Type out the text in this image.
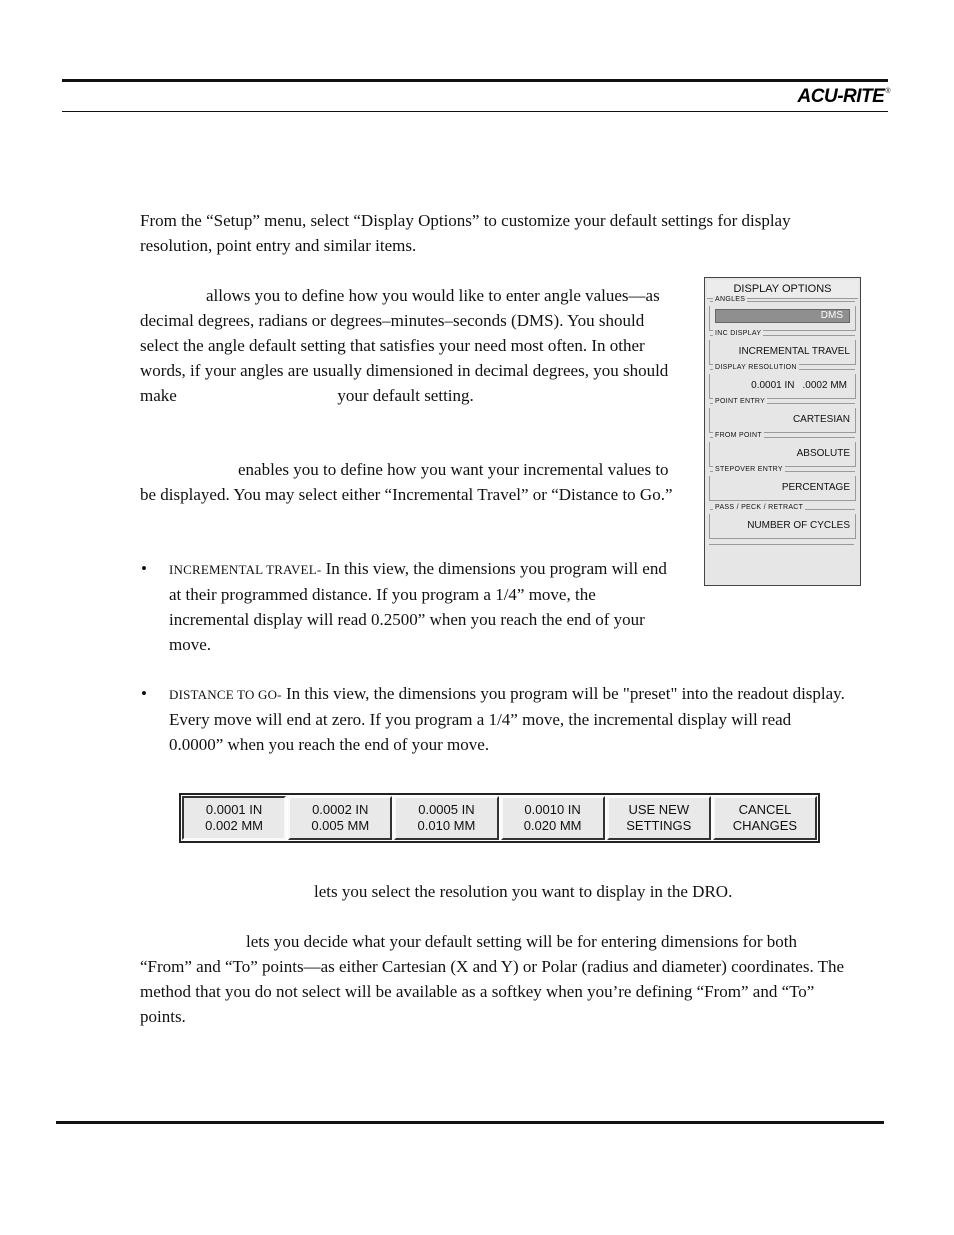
ACU-RITE®
From the “Setup” menu, select “Display Options” to customize your default settings for display resolution, point entry and similar items.
allows you to define how you would like to enter angle values—as decimal degrees, radians or degrees–minutes–seconds (DMS). You should select the angle default setting that satisfies your need most often. In other words, if your angles are usually dimensioned in decimal degrees, you should make	your default setting.
enables you to define how you want your incremental values to be displayed. You may select either “Incremental Travel” or “Distance to Go.”
• INCREMENTAL TRAVEL- In this view, the dimensions you program will end at their programmed distance. If you program a 1/4” move, the incremental display will read 0.2500” when you reach the end of your move.
• DISTANCE TO GO- In this view, the dimensions you program will be "preset" into the readout display. Every move will end at zero. If you program a 1/4” move, the incremental display will read 0.0000” when you reach the end of your move.
DISPLAY OPTIONS
ANGLES
DMS
INC DISPLAY
INCREMENTAL TRAVEL
DISPLAY RESOLUTION
0.0001 IN .0002 MM
POINT ENTRY
CARTESIAN
FROM POINT
ABSOLUTE
STEPOVER ENTRY
PERCENTAGE
PASS / PECK / RETRACT
NUMBER OF CYCLES
0.0001 IN
0.002 MM
0.0002 IN
0.005 MM
0.0005 IN
0.010 MM
0.0010 IN
0.020 MM
USE NEW
SETTINGS
CANCEL
CHANGES
lets you select the resolution you want to display in the DRO.
lets you decide what your default setting will be for entering dimensions for both “From” and “To” points—as either Cartesian (X and Y) or Polar (radius and diameter) coordinates. The method that you do not select will be available as a softkey when you’re defining “From” and “To” points.
